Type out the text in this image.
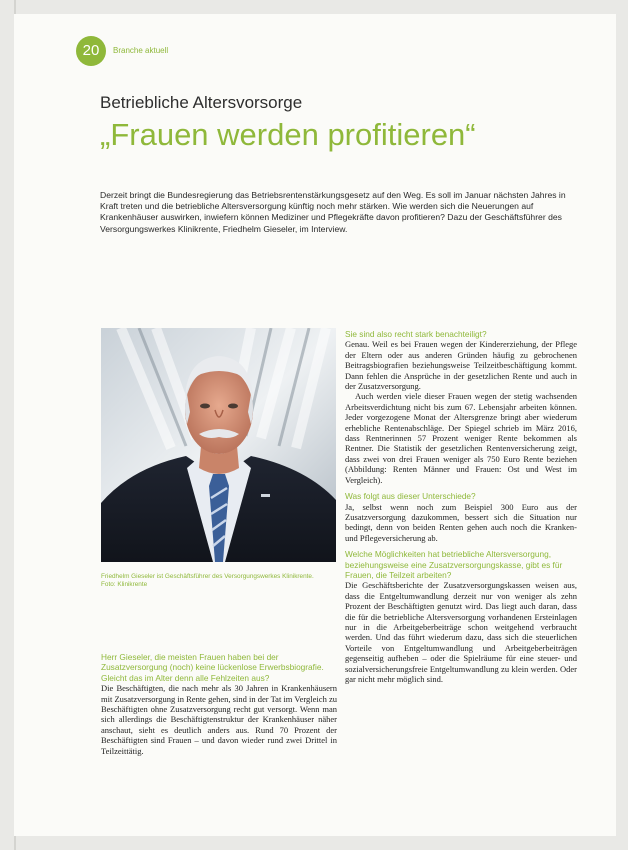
20	Branche aktuell
Betriebliche Altersvorsorge
„Frauen werden profitieren“

Derzeit bringt die Bundesregierung das Betriebsrentenstärkungsgesetz auf den Weg. Es soll im Januar nächsten Jahres in Kraft treten und die betriebliche Altersversorgung künftig noch mehr stärken. Wie werden sich die Neuerungen auf Krankenhäuser auswirken, inwiefern können Mediziner und Pflegekräfte davon profitieren? Dazu der Geschäftsführer des Versorgungswerkes Klinikrente, Friedhelm Gieseler, im Interview.

Friedhelm Gieseler ist Geschäftsführer des Versorgungswerkes Klinikrente.
Foto: Klinikrente

Herr Gieseler, die meisten Frauen haben bei der Zusatzversorgung (noch) keine lückenlose Erwerbsbiografie. Gleicht das im Alter denn alle Fehlzeiten aus?

Die Beschäftigten, die nach mehr als 30 Jahren in Krankenhäusern mit Zusatzversorgung in Rente gehen, sind in der Tat im Vergleich zu Beschäftigten ohne Zusatzversorgung recht gut versorgt. Wenn man sich allerdings die Beschäftigtenstruktur der Krankenhäuser näher anschaut, sieht es deutlich anders aus. Rund 70 Prozent der Beschäftigten sind Frauen – und davon wieder rund zwei Drittel in Teilzeittätig.

Sie sind also recht stark benachteiligt?

Genau. Weil es bei Frauen wegen der Kindererziehung, der Pflege der Eltern oder aus anderen Gründen häufig zu gebrochenen Beitragsbiografien beziehungsweise Teilzeitbeschäftigung kommt. Dann fehlen die Ansprüche in der gesetzlichen Rente und auch in der Zusatzversorgung.

Auch werden viele dieser Frauen wegen der stetig wachsenden Arbeitsverdichtung nicht bis zum 67. Lebensjahr arbeiten können. Jeder vorgezogene Monat der Altersgrenze bringt aber wiederum erhebliche Rentenabschläge. Der Spiegel schrieb im März 2016, dass Rentnerinnen 57 Prozent weniger Rente bekommen als Rentner. Die Statistik der gesetzlichen Rentenversicherung zeigt, dass zwei von drei Frauen weniger als 750 Euro Rente beziehen (Abbildung: Renten Männer und Frauen: Ost und West im Vergleich).

Was folgt aus dieser Unterschiede?

Ja, selbst wenn noch zum Beispiel 300 Euro aus der Zusatzversorgung dazukommen, bessert sich die Situation nur bedingt, denn von beiden Renten gehen auch noch die Kranken- und Pflegeversicherung ab.

Welche Möglichkeiten hat betriebliche Altersversorgung, beziehungsweise eine Zusatzversorgungskasse, gibt es für Frauen, die Teilzeit arbeiten?

Die Geschäftsberichte der Zusatzversorgungskassen weisen aus, dass die Entgeltumwandlung derzeit nur von weniger als zehn Prozent der Beschäftigten genutzt wird. Das liegt auch daran, dass die für die betriebliche Altersversorgung vorhandenen Ersteinlagen nur in die Arbeitgeberbeiträge schon weitgehend verbraucht werden. Und das führt wiederum dazu, dass sich die steuerlichen Vorteile von Entgeltumwandlung und Arbeitgeberbeiträgen gegenseitig aufheben – oder die Spielräume für eine steuer- und sozialversicherungsfreie Entgeltumwandlung zu klein werden. Oder gar nicht mehr möglich sind.
